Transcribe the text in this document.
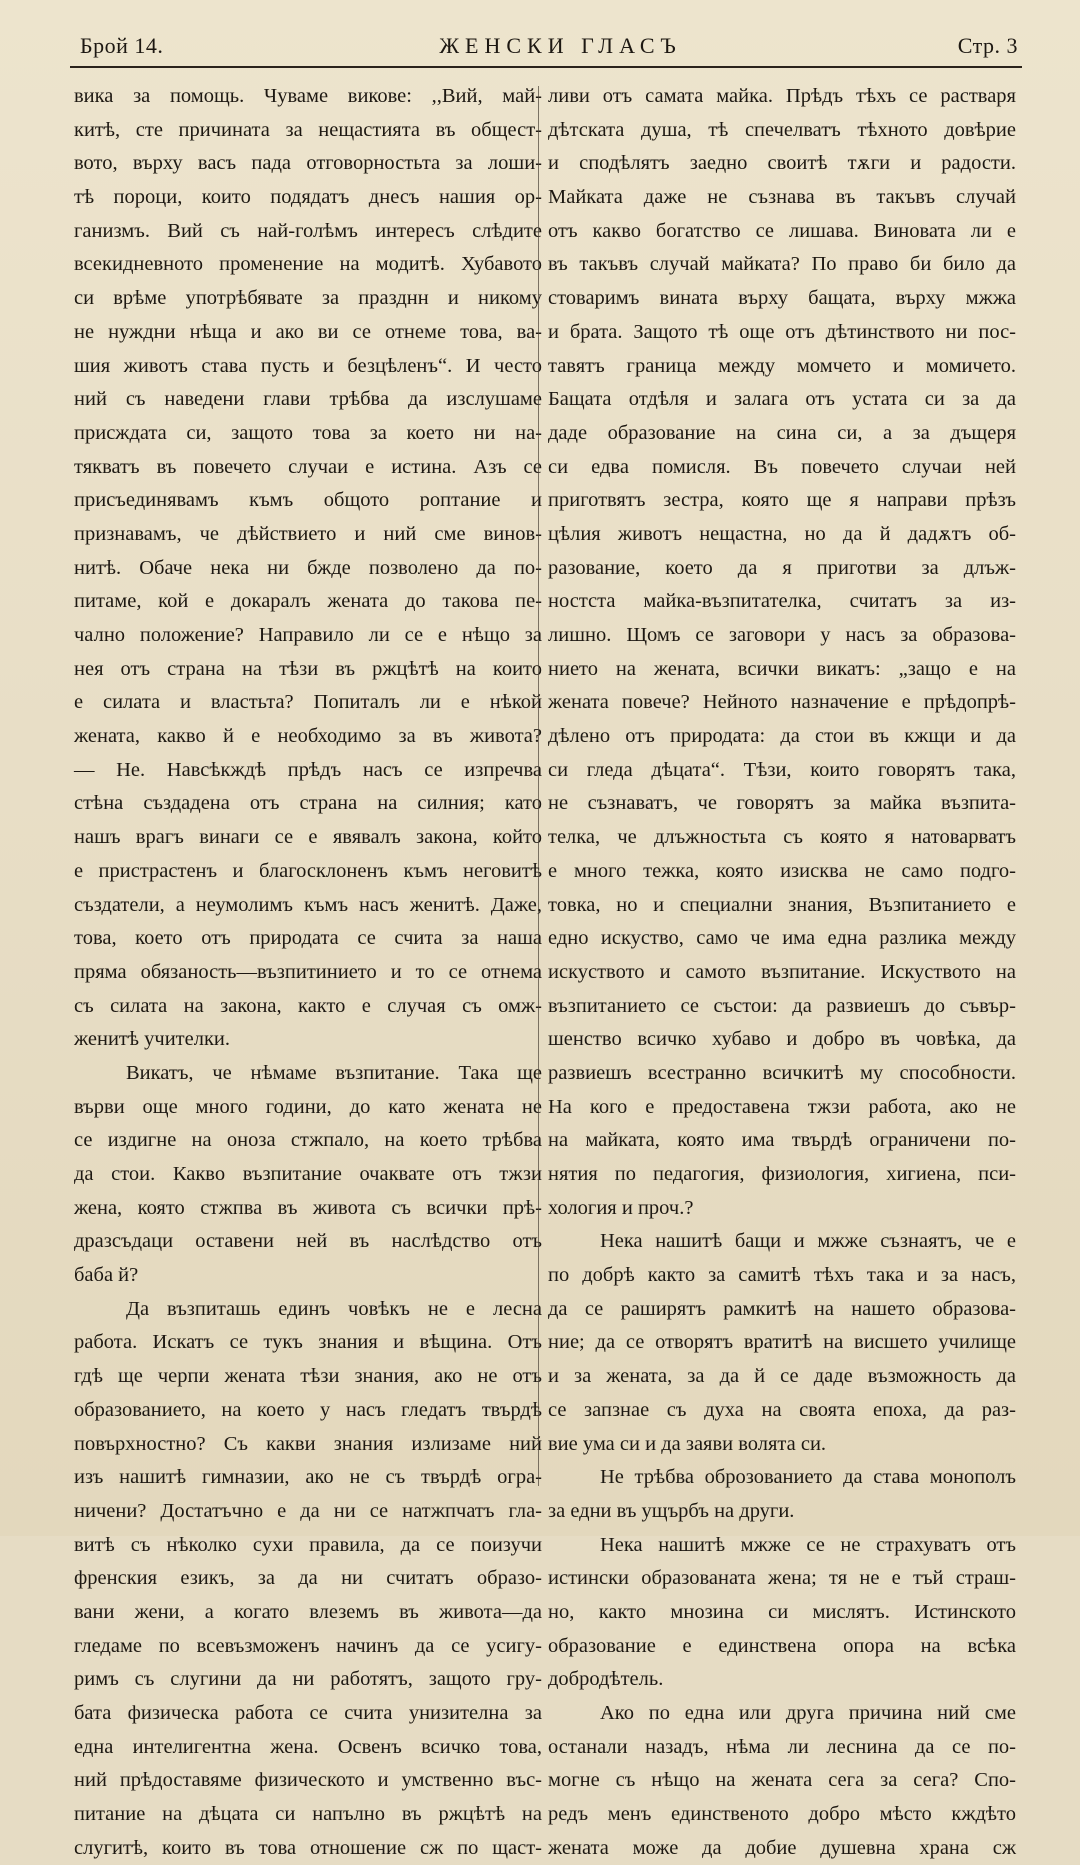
Брой 14.	ЖЕНСКИ ГЛАСЪ	Стр. 3
вика за помощь. Чуваме викове: ,,Вий, май-
китѣ, сте причината за нещастията въ общест-
вото, върху васъ пада отговорностьта за лоши-
тѣ пороци, които подядатъ днесъ нашия ор-
ганизмъ. Вий съ най-голѣмъ интересъ слѣдите
всекидневното променение на модитѣ. Хубавото
си врѣме употрѣбявате за празднн и никому
не нуждни нѣща и ако ви се отнеме това, ва-
шия животъ става пусть и безцѣленъ“. И често
ний съ наведени глави трѣбва да изслушаме
присждата си, защото това за което ни на-
тякватъ въ повечето случаи е истина. Азъ се
присъединявамъ къмъ общото роптание и
признавамъ, че дѣйствието и ний сме винов-
нитѣ. Обаче нека ни бжде позволено да по-
питаме, кой е докаралъ жената до такова пе-
чално положение? Направило ли се е нѣщо за
нея отъ страна на тѣзи въ ржцѣтѣ на които
е силата и властьта? Попиталъ ли е нѣкой
жената, какво й е необходимо за въ живота?
— Не. Навсѣкждѣ прѣдъ насъ се изпречва
стѣна създадена отъ страна на силния; като
нашъ врагъ винаги се е явявалъ закона, който
е пристрастенъ и благосклоненъ къмъ неговитѣ
създатели, а неумолимъ къмъ насъ женитѣ. Даже,
това, което отъ природата се счита за наша
пряма обязаность—възпитинието и то се отнема
съ силата на закона, както е случая съ омж-
женитѣ учителки.
Викатъ, че нѣмаме възпитание. Така ще
върви още много години, до като жената не
се издигне на оноза стжпало, на което трѣбва
да стои. Какво възпитание очаквате отъ тжзи
жена, която стжпва въ живота съ всички прѣ-
дразсъдаци оставени ней въ наслѣдство отъ
баба й?
Да възпиташь единъ човѣкъ не е лесна
работа. Искатъ се тукъ знания и вѣщина. Отъ
гдѣ ще черпи жената тѣзи знания, ако не отъ
образованието, на което у насъ гледатъ твърдѣ
повърхностно? Съ какви знания излизаме ний
изъ нашитѣ гимназии, ако не съ твърдѣ огра-
ничени? Достатъчно е да ни се натжпчатъ гла-
витѣ съ нѣколко сухи правила, да се поизучи
френския езикъ, за да ни считатъ образо-
вани жени, а когато влеземъ въ живота—да
гледаме по всевъзможенъ начинъ да се усигу-
римъ съ слугини да ни работятъ, защото гру-
бата физическа работа се счита унизителна за
една интелигентна жена. Освенъ всичко това,
ний прѣдоставяме физическото и умственно въс-
питание на дѣцата си напълно въ ржцѣтѣ на
слугитѣ, които въ това отношение сж по щаст-
ливи отъ самата майка. Прѣдъ тѣхъ се растваря
дѣтската душа, тѣ спечелватъ тѣхното довѣрие
и сподѣлятъ заедно своитѣ тѫги и радости.
Майката даже не съзнава въ такъвъ случай
отъ какво богатство се лишава. Виновата ли е
въ такъвъ случай майката? По право би било да
стоваримъ вината върху бащата, върху мжжа
и брата. Защото тѣ още отъ дѣтинството ни пос-
тавятъ граница между момчето и момичето.
Бащата отдѣля и залага отъ устата си за да
даде образование на сина си, а за дъщеря
си едва помисля. Въ повечето случаи ней
приготвятъ зестра, която ще я направи прѣзъ
цѣлия животъ нещастна, но да й дадѫтъ об-
разование, което да я приготви за длъж-
ностста майка-възпитателка, считатъ за из-
лишно. Щомъ се заговори у насъ за образова-
нието на жената, всички викатъ: „защо е на
жената повече? Нейното назначение е прѣдопрѣ-
дѣлено отъ природата: да стои въ кжщи и да
си гледа дѣцата“. Тѣзи, които говорятъ така,
не съзнаватъ, че говорятъ за майка възпита-
телка, че длъжностьта съ която я натоварватъ
е много тежка, която изисква не само подго-
товка, но и специални знания, Възпитанието е
едно искуство, само че има една разлика между
искуството и самото възпитание. Искуството на
възпитанието се състои: да развиешъ до съвър-
шенство всичко хубаво и добро въ човѣка, да
развиешъ всестранно всичкитѣ му способности.
На кого е предоставена тжзи работа, ако не
на майката, която има твърдѣ ограничени по-
нятия по педагогия, физиология, хигиена, пси-
хология и проч.?
Нека нашитѣ бащи и мжже съзнаятъ, че е
по добрѣ както за самитѣ тѣхъ така и за насъ,
да се раширятъ рамкитѣ на нашето образова-
ние; да се отворятъ вратитѣ на висшето училище
и за жената, за да й се даде възможность да
се запзнае съ духа на своята епоха, да раз-
вие ума си и да заяви волята си.
Не трѣбва оброзованието да става монополъ
за едни въ ущърбъ на други.
Нека нашитѣ мжже се не страхуватъ отъ
истински образованата жена; тя не е тъй страш-
но, както мнозина си мислятъ. Истинското
образование е единствена опора на всѣка
добродѣтель.
Ако по една или друга причина ний сме
останали назадъ, нѣма ли леснина да се по-
могне съ нѣщо на жената сега за сега? Спо-
редъ менъ единственото добро мѣсто кждѣто
жената може да добие душевна храна сж
